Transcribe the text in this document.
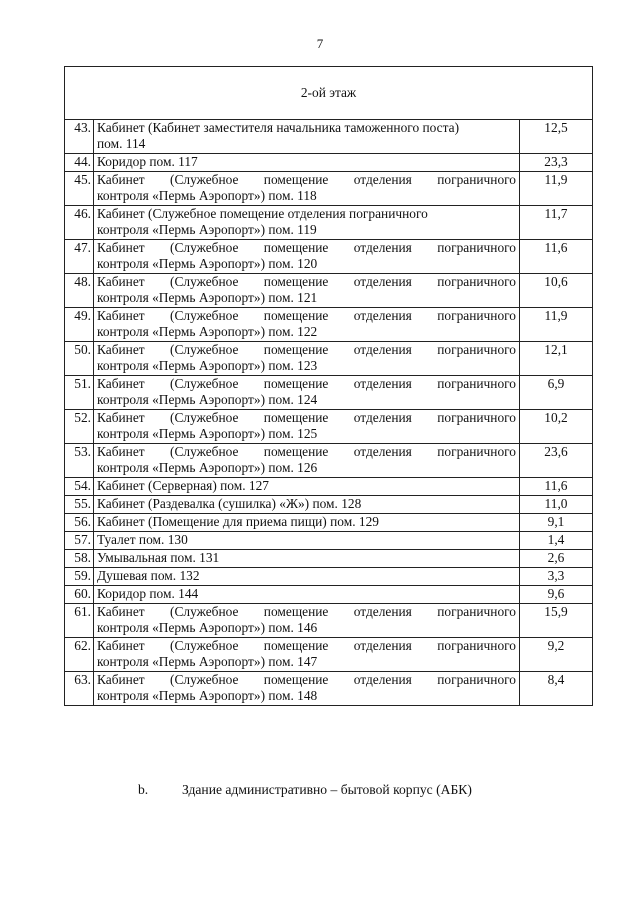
7
2-ой этаж		
43.	Кабинет (Кабинет заместителя начальника таможенного поста)
пом. 114	12,5
44.	Коридор пом. 117	23,3
45.	Кабинет (Служебное помещение отделения пограничного
контроля «Пермь Аэропорт») пом. 118	11,9
46.	Кабинет (Служебное помещение отделения пограничного
контроля «Пермь Аэропорт») пом. 119	11,7
47.	Кабинет (Служебное помещение отделения пограничного
контроля «Пермь Аэропорт») пом. 120	11,6
48.	Кабинет (Служебное помещение отделения пограничного
контроля «Пермь Аэропорт») пом. 121	10,6
49.	Кабинет (Служебное помещение отделения пограничного
контроля «Пермь Аэропорт») пом. 122	11,9
50.	Кабинет (Служебное помещение отделения пограничного
контроля «Пермь Аэропорт») пом. 123	12,1
51.	Кабинет (Служебное помещение отделения пограничного
контроля «Пермь Аэропорт») пом. 124	6,9
52.	Кабинет (Служебное помещение отделения пограничного
контроля «Пермь Аэропорт») пом. 125	10,2
53.	Кабинет (Служебное помещение отделения пограничного
контроля «Пермь Аэропорт») пом. 126	23,6
54.	Кабинет (Серверная) пом. 127	11,6
55.	Кабинет (Раздевалка (сушилка) «Ж») пом. 128	11,0
56.	Кабинет (Помещение для приема пищи) пом. 129	9,1
57.	Туалет пом. 130	1,4
58.	Умывальная пом. 131	2,6
59.	Душевая пом. 132	3,3
60.	Коридор пом. 144	9,6
61.	Кабинет (Служебное помещение отделения пограничного
контроля «Пермь Аэропорт») пом. 146	15,9
62.	Кабинет (Служебное помещение отделения пограничного
контроля «Пермь Аэропорт») пом. 147	9,2
63.	Кабинет (Служебное помещение отделения пограничного
контроля «Пермь Аэропорт») пом. 148	8,4
b. Здание административно – бытовой корпус (АБК)
